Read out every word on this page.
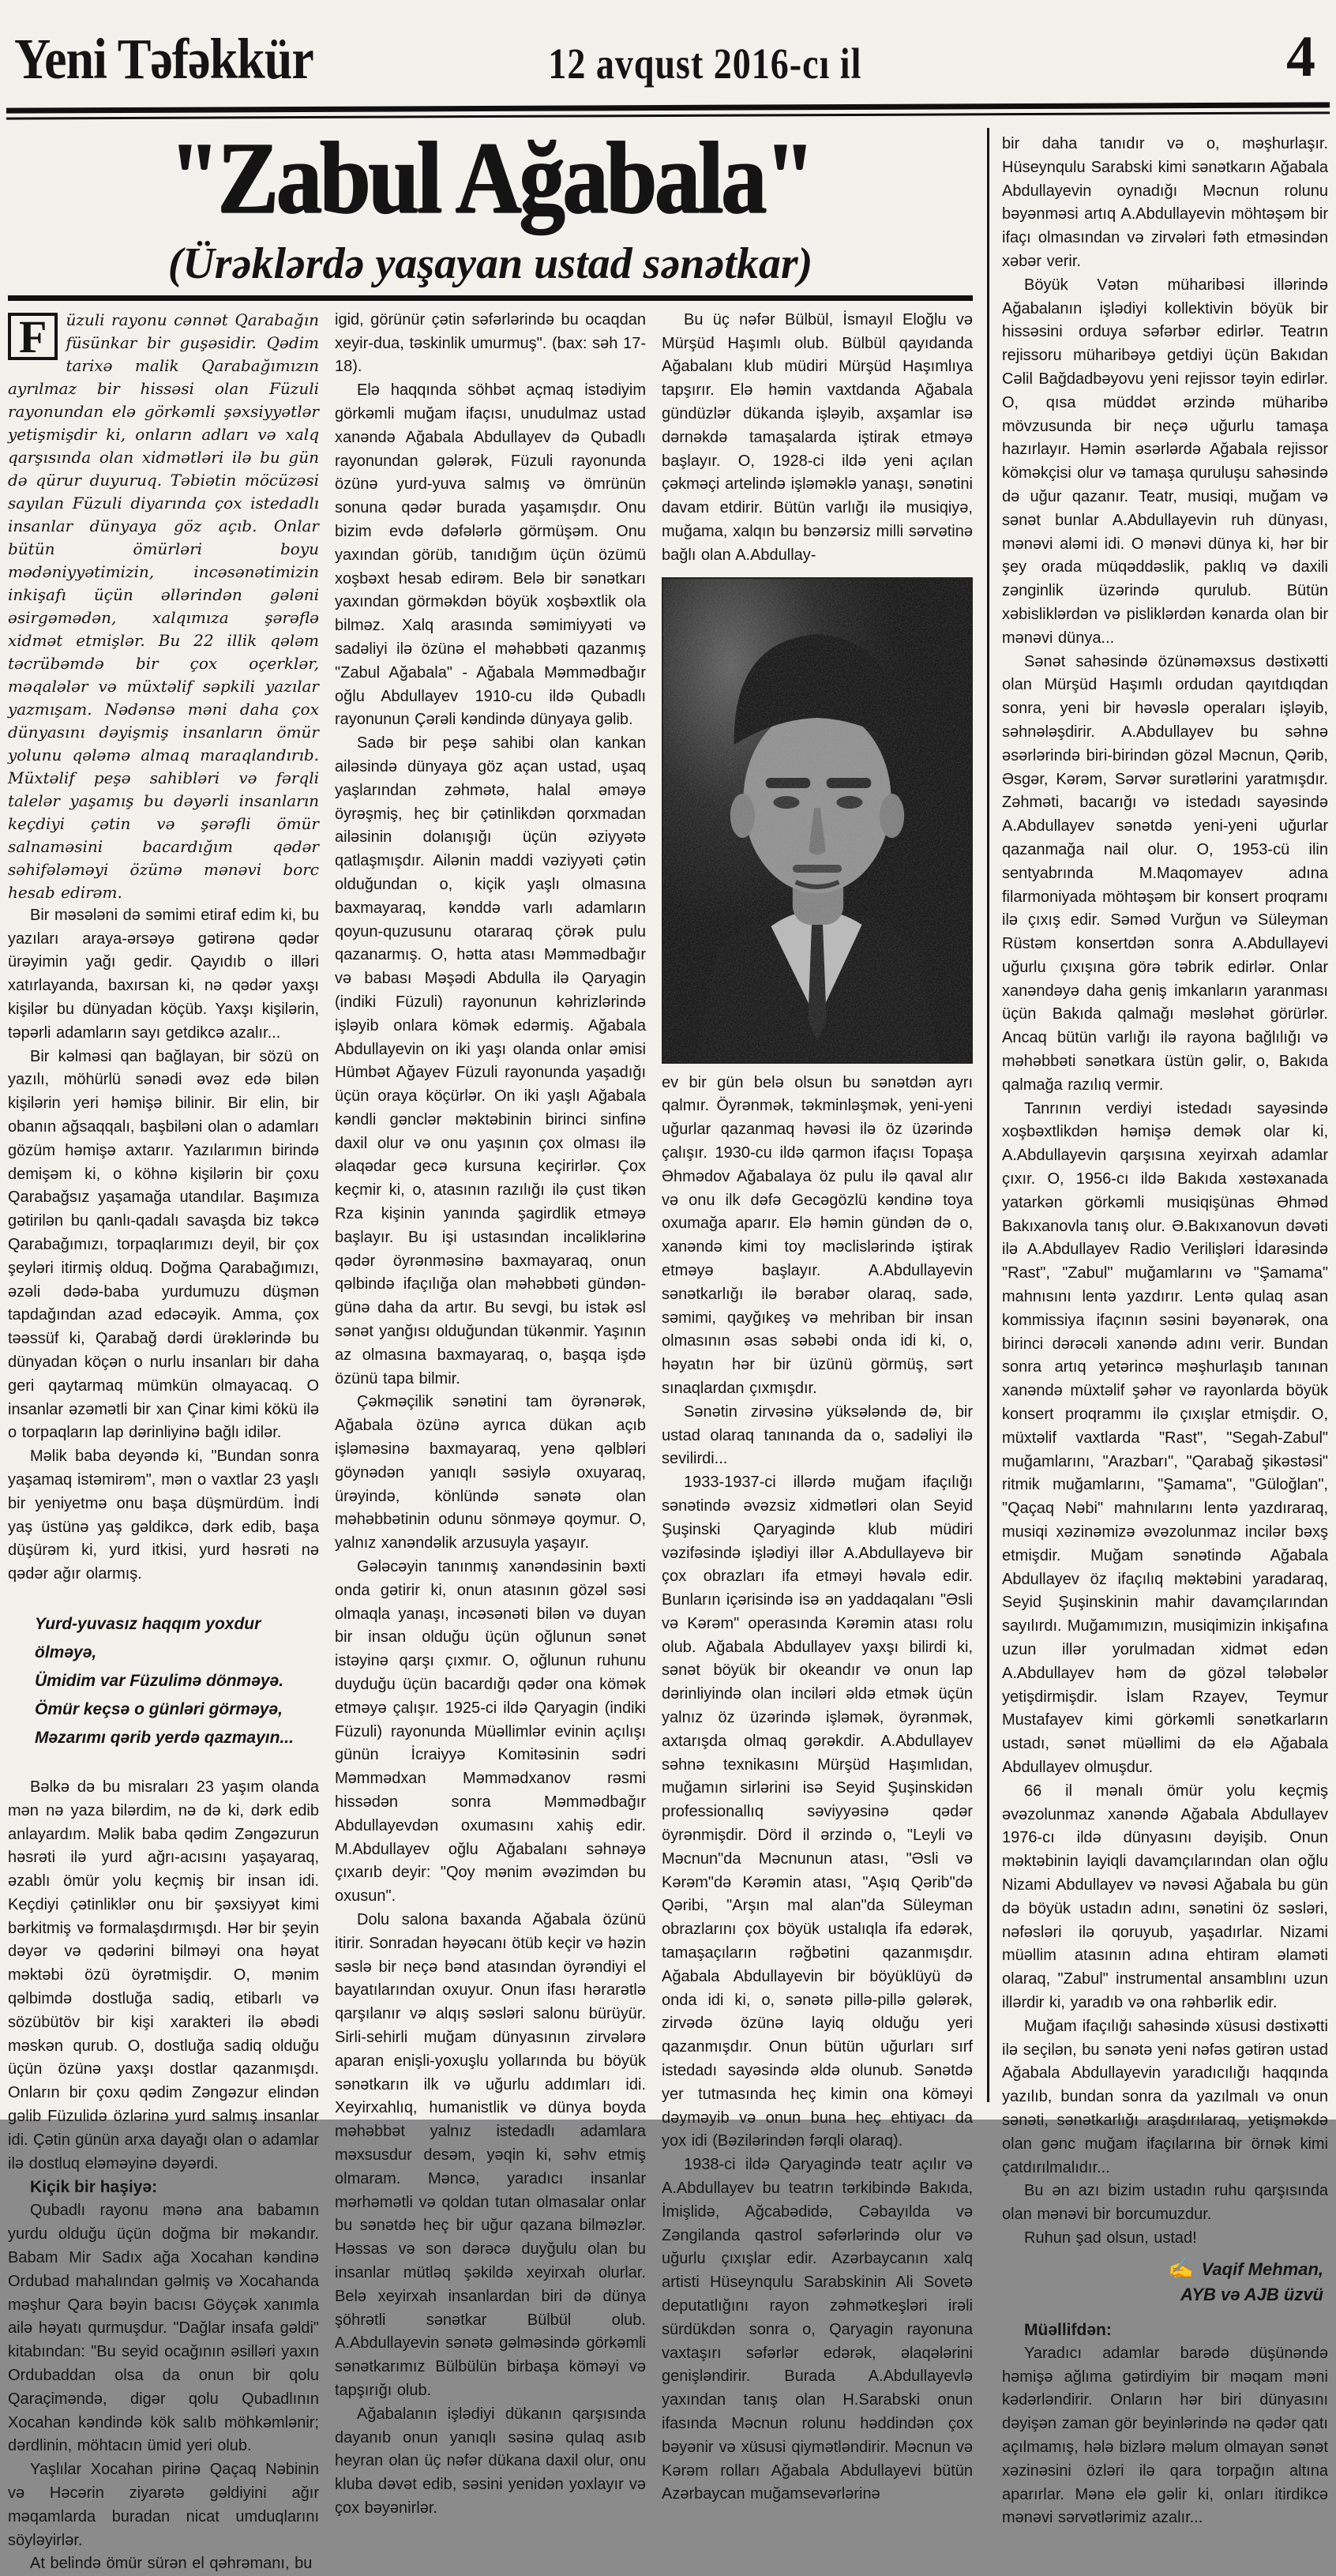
Yeni Təfəkkür	12 avqust 2016-cı il	4
"Zabul Ağabala"
(Ürəklərdə yaşayan ustad sənətkar)

F	üzuli rayonu cənnət Qarabağın füsünkar bir guşəsidir. Qədim tarixə malik Qarabağımızın ayrılmaz bir hissəsi olan Füzuli rayonundan elə görkəmli şəxsiyyətlər yetişmişdir ki, onların adları və xalq qarşısında olan xidmətləri ilə bu gün də qürur duyuruq. Təbiətin möcüzəsi sayılan Füzuli diyarında çox istedadlı insanlar dünyaya göz açıb. Onlar bütün ömürləri boyu mədəniyyətimizin, incəsənətimizin inkişafı üçün əllərindən gələni əsirgəmədən, xalqımıza şərəflə xidmət etmişlər. Bu 22 illik qələm təcrübəmdə bir çox oçerklər, məqalələr və müxtəlif səpkili yazılar yazmışam. Nədənsə məni daha çox dünyasını dəyişmiş insanların ömür yolunu qələmə almaq maraqlandırıb. Müxtəlif peşə sahibləri və fərqli talelər yaşamış bu dəyərli insanların keçdiyi çətin və şərəfli ömür salnaməsini bacardığım qədər səhifələməyi özümə mənəvi borc hesab edirəm.

Bir məsələni də səmimi etiraf edim ki, bu yazıları araya-ərsəyə gətirənə qədər ürəyimin yağı gedir. Qayıdıb o illəri xatırlayanda, baxırsan ki, nə qədər yaxşı kişilər bu dünyadan köçüb. Yaxşı kişilərin, təpərli adamların sayı getdikcə azalır...

Bir kəlməsi qan bağlayan, bir sözü on yazılı, möhürlü sənədi əvəz edə bilən kişilərin yeri həmişə bilinir. Bir elin, bir obanın ağsaqqalı, başbiləni olan o adamları gözüm həmişə axtarır. Yazılarımın birində demişəm ki, o köhnə kişilərin bir çoxu Qarabağsız yaşamağa utandılar. Başımıza gətirilən bu qanlı-qadalı savaşda biz təkcə Qarabağımızı, torpaqlarımızı deyil, bir çox şeyləri itirmiş olduq. Doğma Qarabağımızı, əzəli dədə-baba yurdumuzu düşmən tapdağından azad edəcəyik. Amma, çox təəssüf ki, Qarabağ dərdi ürəklərində bu dünyadan köçən o nurlu insanları bir daha geri qaytarmaq mümkün olmayacaq. O insanlar əzəmətli bir xan Çinar kimi kökü ilə o torpaqların lap dərinliyinə bağlı idilər.

Məlik baba deyəndə ki, "Bundan sonra yaşamaq istəmirəm", mən o vaxtlar 23 yaşlı bir yeniyetmə onu başa düşmürdüm. İndi yaş üstünə yaş gəldikcə, dərk edib, başa düşürəm ki, yurd itkisi, yurd həsrəti nə qədər ağır olarmış.

Yurd-yuvasız haqqım yoxdur ölməyə,
Ümidim var Füzulimə dönməyə.
Ömür keçsə o günləri görməyə,
Məzarımı qərib yerdə qazmayın...

Bəlkə də bu misraları 23 yaşım olanda mən nə yaza bilərdim, nə də ki, dərk edib anlayardım. Məlik baba qədim Zəngəzurun həsrəti ilə yurd ağrı-acısını yaşayaraq, əzablı ömür yolu keçmiş bir insan idi. Keçdiyi çətinliklər onu bir şəxsiyyət kimi bərkitmiş və formalaşdırmışdı. Hər bir şeyin dəyər və qədərini bilməyi ona həyat məktəbi özü öyrətmişdir. O, mənim qəlbimdə dostluğa sadiq, etibarlı və sözübütöv bir kişi xarakteri ilə əbədi məskən qurub. O, dostluğa sadiq olduğu üçün özünə yaxşı dostlar qazanmışdı. Onların bir çoxu qədim Zəngəzur elindən gəlib Füzulidə özlərinə yurd salmış insanlar idi. Çətin günün arxa dayağı olan o adamlar ilə dostluq eləməyinə dəyərdi.

Kiçik bir haşiyə:

Qubadlı rayonu mənə ana babamın yurdu olduğu üçün doğma bir məkandır. Babam Mir Sadıx ağa Xocahan kəndinə Ordubad mahalından gəlmiş və Xocahanda məşhur Qara bəyin bacısı Göyçək xanımla ailə həyatı qurmuşdur. "Dağlar insafa gəldi" kitabından: "Bu seyid ocağının əsilləri yaxın Ordubaddan olsa da onun bir qolu Qaraçiməndə, digər qolu Qubadlının Xocahan kəndində kök salıb möhkəmlənir; dərdlinin, möhtacın ümid yeri olub.

Yaşlılar Xocahan pirinə Qaçaq Nəbinin və Həcərin ziyarətə gəldiyini ağır məqamlarda buradan nicat umduqlarını söyləyirlər.

At belində ömür sürən el qəhrəmanı, bu

igid, görünür çətin səfərlərində bu ocaqdan xeyir-dua, təskinlik umurmuş". (bax: səh 17-18).

Elə haqqında söhbət açmaq istədiyim görkəmli muğam ifaçısı, unudulmaz ustad xanəndə Ağabala Abdullayev də Qubadlı rayonundan gələrək, Füzuli rayonunda özünə yurd-yuva salmış və ömrünün sonuna qədər burada yaşamışdır. Onu bizim evdə dəfələrlə görmüşəm. Onu yaxından görüb, tanıdığım üçün özümü xoşbəxt hesab edirəm. Belə bir sənətkarı yaxından görməkdən böyük xoşbəxtlik ola bilməz. Xalq arasında səmimiyyəti və sadəliyi ilə özünə el məhəbbəti qazanmış "Zabul Ağabala" - Ağabala Məmmədbağır oğlu Abdullayev 1910-cu ildə Qubadlı rayonunun Çərəli kəndində dünyaya gəlib.

Sadə bir peşə sahibi olan kankan ailəsində dünyaya göz açan ustad, uşaq yaşlarından zəhmətə, halal əməyə öyrəşmiş, heç bir çətinlikdən qorxmadan ailəsinin dolanışığı üçün əziyyətə qatlaşmışdır. Ailənin maddi vəziyyəti çətin olduğundan o, kiçik yaşlı olmasına baxmayaraq, kənddə varlı adamların qoyun-quzusunu otararaq çörək pulu qazanarmış. O, hətta atası Məmmədbağır və babası Məşədi Abdulla ilə Qaryagin (indiki Füzuli) rayonunun kəhrizlərində işləyib onlara kömək edərmiş. Ağabala Abdullayevin on iki yaşı olanda onlar əmisi Hümbət Ağayev Füzuli rayonunda yaşadığı üçün oraya köçürlər. On iki yaşlı Ağabala kəndli gənclər məktəbinin birinci sinfinə daxil olur və onu yaşının çox olması ilə əlaqədar gecə kursuna keçirirlər. Çox keçmir ki, o, atasının razılığı ilə çust tikən Rza kişinin yanında şagirdlik etməyə başlayır. Bu işi ustasından incəliklərinə qədər öyrənməsinə baxmayaraq, onun qəlbində ifaçılığa olan məhəbbəti gündən-günə daha da artır. Bu sevgi, bu istək əsl sənət yanğısı olduğundan tükənmir. Yaşının az olmasına baxmayaraq, o, başqa işdə özünü tapa bilmir.

Çəkməçilik sənətini tam öyrənərək, Ağabala özünə ayrıca dükan açıb işləməsinə baxmayaraq, yenə qəlbləri göynədən yanıqlı səsiylə oxuyaraq, ürəyində, könlündə sənətə olan məhəbbətinin odunu sönməyə qoymur. O, yalnız xanəndəlik arzusuyla yaşayır.

Gələcəyin tanınmış xanəndəsinin bəxti onda gətirir ki, onun atasının gözəl səsi olmaqla yanaşı, incəsənəti bilən və duyan bir insan olduğu üçün oğlunun sənət istəyinə qarşı çıxmır. O, oğlunun ruhunu duyduğu üçün bacardığı qədər ona kömək etməyə çalışır. 1925-ci ildə Qaryagin (indiki Füzuli) rayonunda Müəllimlər evinin açılışı günün İcraiyyə Komitəsinin sədri Məmmədxan Məmmədxanov rəsmi hissədən sonra Məmmədbağır Abdullayevdən oxumasını xahiş edir. M.Abdullayev oğlu Ağabalanı səhnəyə çıxarıb deyir: "Qoy mənim əvəzimdən bu oxusun".

Dolu salona baxanda Ağabala özünü itirir. Sonradan həyəcanı ötüb keçir və həzin səslə bir neçə bənd atasından öyrəndiyi el bayatılarından oxuyur. Onun ifası hərarətlə qarşılanır və alqış səsləri salonu bürüyür. Sirli-sehirli muğam dünyasının zirvələrə aparan enişli-yoxuşlu yollarında bu böyük sənətkarın ilk və uğurlu addımları idi. Xeyirxahlıq, humanistlik və dünya boyda məhəbbət yalnız istedadlı adamlara məxsusdur desəm, yəqin ki, səhv etmiş olmaram. Məncə, yaradıcı insanlar mərhəmətli və qoldan tutan olmasalar onlar bu sənətdə heç bir uğur qazana bilməzlər. Həssas və son dərəcə duyğulu olan bu insanlar mütləq şəkildə xeyirxah olurlar. Belə xeyirxah insanlardan biri də dünya şöhrətli sənətkar Bülbül olub. A.Abdullayevin sənətə gəlməsində görkəmli sənətkarımız Bülbülün birbaşa köməyi və tapşırığı olub.

Ağabalanın işlədiyi dükanın qarşısında dayanıb onun yanıqlı səsinə qulaq asıb heyran olan üç nəfər dükana daxil olur, onu kluba dəvət edib, səsini yenidən yoxlayır və çox bəyənirlər.

Bu üç nəfər Bülbül, İsmayıl Eloğlu və Mürşüd Haşımlı olub. Bülbül qayıdanda Ağabalanı klub müdiri Mürşüd Haşımlıya tapşırır. Elə həmin vaxtdanda Ağabala gündüzlər dükanda işləyib, axşamlar isə dərnəkdə tamaşalarda iştirak etməyə başlayır. O, 1928-ci ildə yeni açılan çəkməçi artelində işləməklə yanaşı, sənətini davam etdirir. Bütün varlığı ilə musiqiyə, muğama, xalqın bu bənzərsiz milli sərvətinə bağlı olan A.Abdullay-

ev bir gün belə olsun bu sənətdən ayrı qalmır. Öyrənmək, təkminləşmək, yeni-yeni uğurlar qazanmaq həvəsi ilə öz üzərində çalışır. 1930-cu ildə qarmon ifaçısı Topaşa Əhmədov Ağabalaya öz pulu ilə qaval alır və onu ilk dəfə Gecəgözlü kəndinə toya oxumağa aparır. Elə həmin gündən də o, xanəndə kimi toy məclislərində iştirak etməyə başlayır. A.Abdullayevin sənətkarlığı ilə bərabər olaraq, sadə, səmimi, qayğıkeş və mehriban bir insan olmasının əsas səbəbi onda idi ki, o, həyatın hər bir üzünü görmüş, sərt sınaqlardan çıxmışdır.

Sənətin zirvəsinə yüksələndə də, bir ustad olaraq tanınanda da o, sadəliyi ilə sevilirdi...

1933-1937-ci illərdə muğam ifaçılığı sənətində əvəzsiz xidmətləri olan Seyid Şuşinski Qaryagində klub müdiri vəzifəsində işlədiyi illər A.Abdullayevə bir çox obrazları ifa etməyi həvalə edir. Bunların içərisində isə ən yaddaqalanı "Əsli və Kərəm" operasında Kərəmin atası rolu olub. Ağabala Abdullayev yaxşı bilirdi ki, sənət böyük bir okeandır və onun lap dərinliyində olan inciləri əldə etmək üçün yalnız öz üzərində işləmək, öyrənmək, axtarışda olmaq gərəkdir. A.Abdullayev səhnə texnikasını Mürşüd Haşımlıdan, muğamın sirlərini isə Seyid Şuşinskidən professionallıq səviyyəsinə qədər öyrənmişdir. Dörd il ərzində o, "Leyli və Məcnun"da Məcnunun atası, "Əsli və Kərəm"də Kərəmin atası, "Aşıq Qərib"də Qəribi, "Arşın mal alan"da Süleyman obrazlarını çox böyük ustalıqla ifa edərək, tamaşaçıların rəğbətini qazanmışdır. Ağabala Abdullayevin bir böyüklüyü də onda idi ki, o, sənətə pillə-pillə gələrək, zirvədə özünə layiq olduğu yeri qazanmışdır. Onun bütün uğurları sırf istedadı sayəsində əldə olunub. Sənətdə yer tutmasında heç kimin ona köməyi dəyməyib və onun buna heç ehtiyacı da yox idi (Bəzilərindən fərqli olaraq).

1938-ci ildə Qaryagində teatr açılır və A.Abdullayev bu teatrın tərkibində Bakıda, İmişlidə, Ağcabədidə, Cəbayılda və Zəngilanda qastrol səfərlərində olur və uğurlu çıxışlar edir. Azərbaycanın xalq artisti Hüseynqulu Sarabskinin Ali Sovetə deputatlığını rayon zəhmətkeşləri irəli sürdükdən sonra o, Qaryagin rayonuna vaxtaşırı səfərlər edərək, əlaqələrini genişləndirir. Burada A.Abdullayevlə yaxından tanış olan H.Sarabski onun ifasında Məcnun rolunu həddindən çox bəyənir və xüsusi qiymətləndirir. Məcnun və Kərəm rolları Ağabala Abdullayevi bütün Azərbaycan muğamsevərlərinə

bir daha tanıdır və o, məşhurlaşır. Hüseynqulu Sarabski kimi sənətkarın Ağabala Abdullayevin oynadığı Məcnun rolunu bəyənməsi artıq A.Abdullayevin möhtəşəm bir ifaçı olmasından və zirvələri fəth etməsindən xəbər verir.

Böyük Vətən müharibəsi illərində Ağabalanın işlədiyi kollektivin böyük bir hissəsini orduya səfərbər edirlər. Teatrın rejissoru müharibəyə getdiyi üçün Bakıdan Cəlil Bağdadbəyovu yeni rejissor təyin edirlər. O, qısa müddət ərzində müharibə mövzusunda bir neçə uğurlu tamaşa hazırlayır. Həmin əsərlərdə Ağabala rejissor köməkçisi olur və tamaşa quruluşu sahəsində də uğur qazanır. Teatr, musiqi, muğam və sənət bunlar A.Abdullayevin ruh dünyası, mənəvi aləmi idi. O mənəvi dünya ki, hər bir şey orada müqəddəslik, paklıq və daxili zənginlik üzərində qurulub. Bütün xəbisliklərdən və pisliklərdən kənarda olan bir mənəvi dünya...

Sənət sahəsində özünəməxsus dəstixətti olan Mürşüd Haşımlı ordudan qayıtdıqdan sonra, yeni bir həvəslə operaları işləyib, səhnələşdirir. A.Abdullayev bu səhnə əsərlərində biri-birindən gözəl Məcnun, Qərib, Əsgər, Kərəm, Sərvər surətlərini yaratmışdır. Zəhməti, bacarığı və istedadı sayəsində A.Abdullayev sənətdə yeni-yeni uğurlar qazanmağa nail olur. O, 1953-cü ilin sentyabrında M.Maqomayev adına filarmoniyada möhtəşəm bir konsert proqramı ilə çıxış edir. Səməd Vurğun və Süleyman Rüstəm konsertdən sonra A.Abdullayevi uğurlu çıxışına görə təbrik edirlər. Onlar xanəndəyə daha geniş imkanların yaranması üçün Bakıda qalmağı məsləhət görürlər. Ancaq bütün varlığı ilə rayona bağlılığı və məhəbbəti sənətkara üstün gəlir, o, Bakıda qalmağa razılıq vermir.

Tanrının verdiyi istedadı sayəsində xoşbəxtlikdən həmişə demək olar ki, A.Abdullayevin qarşısına xeyirxah adamlar çıxır. O, 1956-cı ildə Bakıda xəstəxanada yatarkən görkəmli musiqişünas Əhməd Bakıxanovla tanış olur. Ə.Bakıxanovun dəvəti ilə A.Abdullayev Radio Verilişləri İdarəsində "Rast", "Zabul" muğamlarını və "Şamama" mahnısını lentə yazdırır. Lentə qulaq asan kommissiya ifaçının səsini bəyənərək, ona birinci dərəcəli xanəndə adını verir. Bundan sonra artıq yetərincə məşhurlaşıb tanınan xanəndə müxtəlif şəhər və rayonlarda böyük konsert proqrammı ilə çıxışlar etmişdir. O, müxtəlif vaxtlarda "Rast", "Segah-Zabul" muğamlarını, "Arazbarı", "Qarabağ şikəstəsi" ritmik muğamlarını, "Şamama", "Güloğlan", "Qaçaq Nəbi" mahnılarını lentə yazdıraraq, musiqi xəzinəmizə əvəzolunmaz incilər bəxş etmişdir. Muğam sənətində Ağabala Abdullayev öz ifaçılıq məktəbini yaradaraq, Seyid Şuşinskinin mahir davamçılarından sayılırdı. Muğamımızın, musiqimizin inkişafına uzun illər yorulmadan xidmət edən A.Abdullayev həm də gözəl tələbələr yetişdirmişdir. İslam Rzayev, Teymur Mustafayev kimi görkəmli sənətkarların ustadı, sənət müəllimi də elə Ağabala Abdullayev olmuşdur.

66 il mənalı ömür yolu keçmiş əvəzolunmaz xanəndə Ağabala Abdullayev 1976-cı ildə dünyasını dəyişib. Onun məktəbinin layiqli davamçılarından olan oğlu Nizami Abdullayev və nəvəsi Ağabala bu gün də böyük ustadın adını, sənətini öz səsləri, nəfəsləri ilə qoruyub, yaşadırlar. Nizami müəllim atasının adına ehtiram əlaməti olaraq, "Zabul" instrumental ansamblını uzun illərdir ki, yaradıb və ona rəhbərlik edir.

Muğam ifaçılığı sahəsində xüsusi dəstixətti ilə seçilən, bu sənətə yeni nəfəs gətirən ustad Ağabala Abdullayevin yaradıcılığı haqqında yazılıb, bundan sonra da yazılmalı və onun sənəti, sənətkarlığı araşdırılaraq, yetişməkdə olan gənc muğam ifaçılarına bir örnək kimi çatdırılmalıdır...

Bu ən azı bizim ustadın ruhu qarşısında olan mənəvi bir borcumuzdur.

Ruhun şad olsun, ustad!

✍ Vaqif Mehman,
AYB və AJB üzvü

Müəllifdən:

Yaradıcı adamlar barədə düşünəndə həmişə ağlıma gətirdiyim bir məqam məni kədərləndirir. Onların hər biri dünyasını dəyişən zaman gör beyinlərində nə qədər qatı açılmamış, hələ bizlərə məlum olmayan sənət xəzinəsini özləri ilə qara torpağın altına aparırlar. Mənə elə gəlir ki, onları itirdikcə mənəvi sərvətlərimiz azalır...
